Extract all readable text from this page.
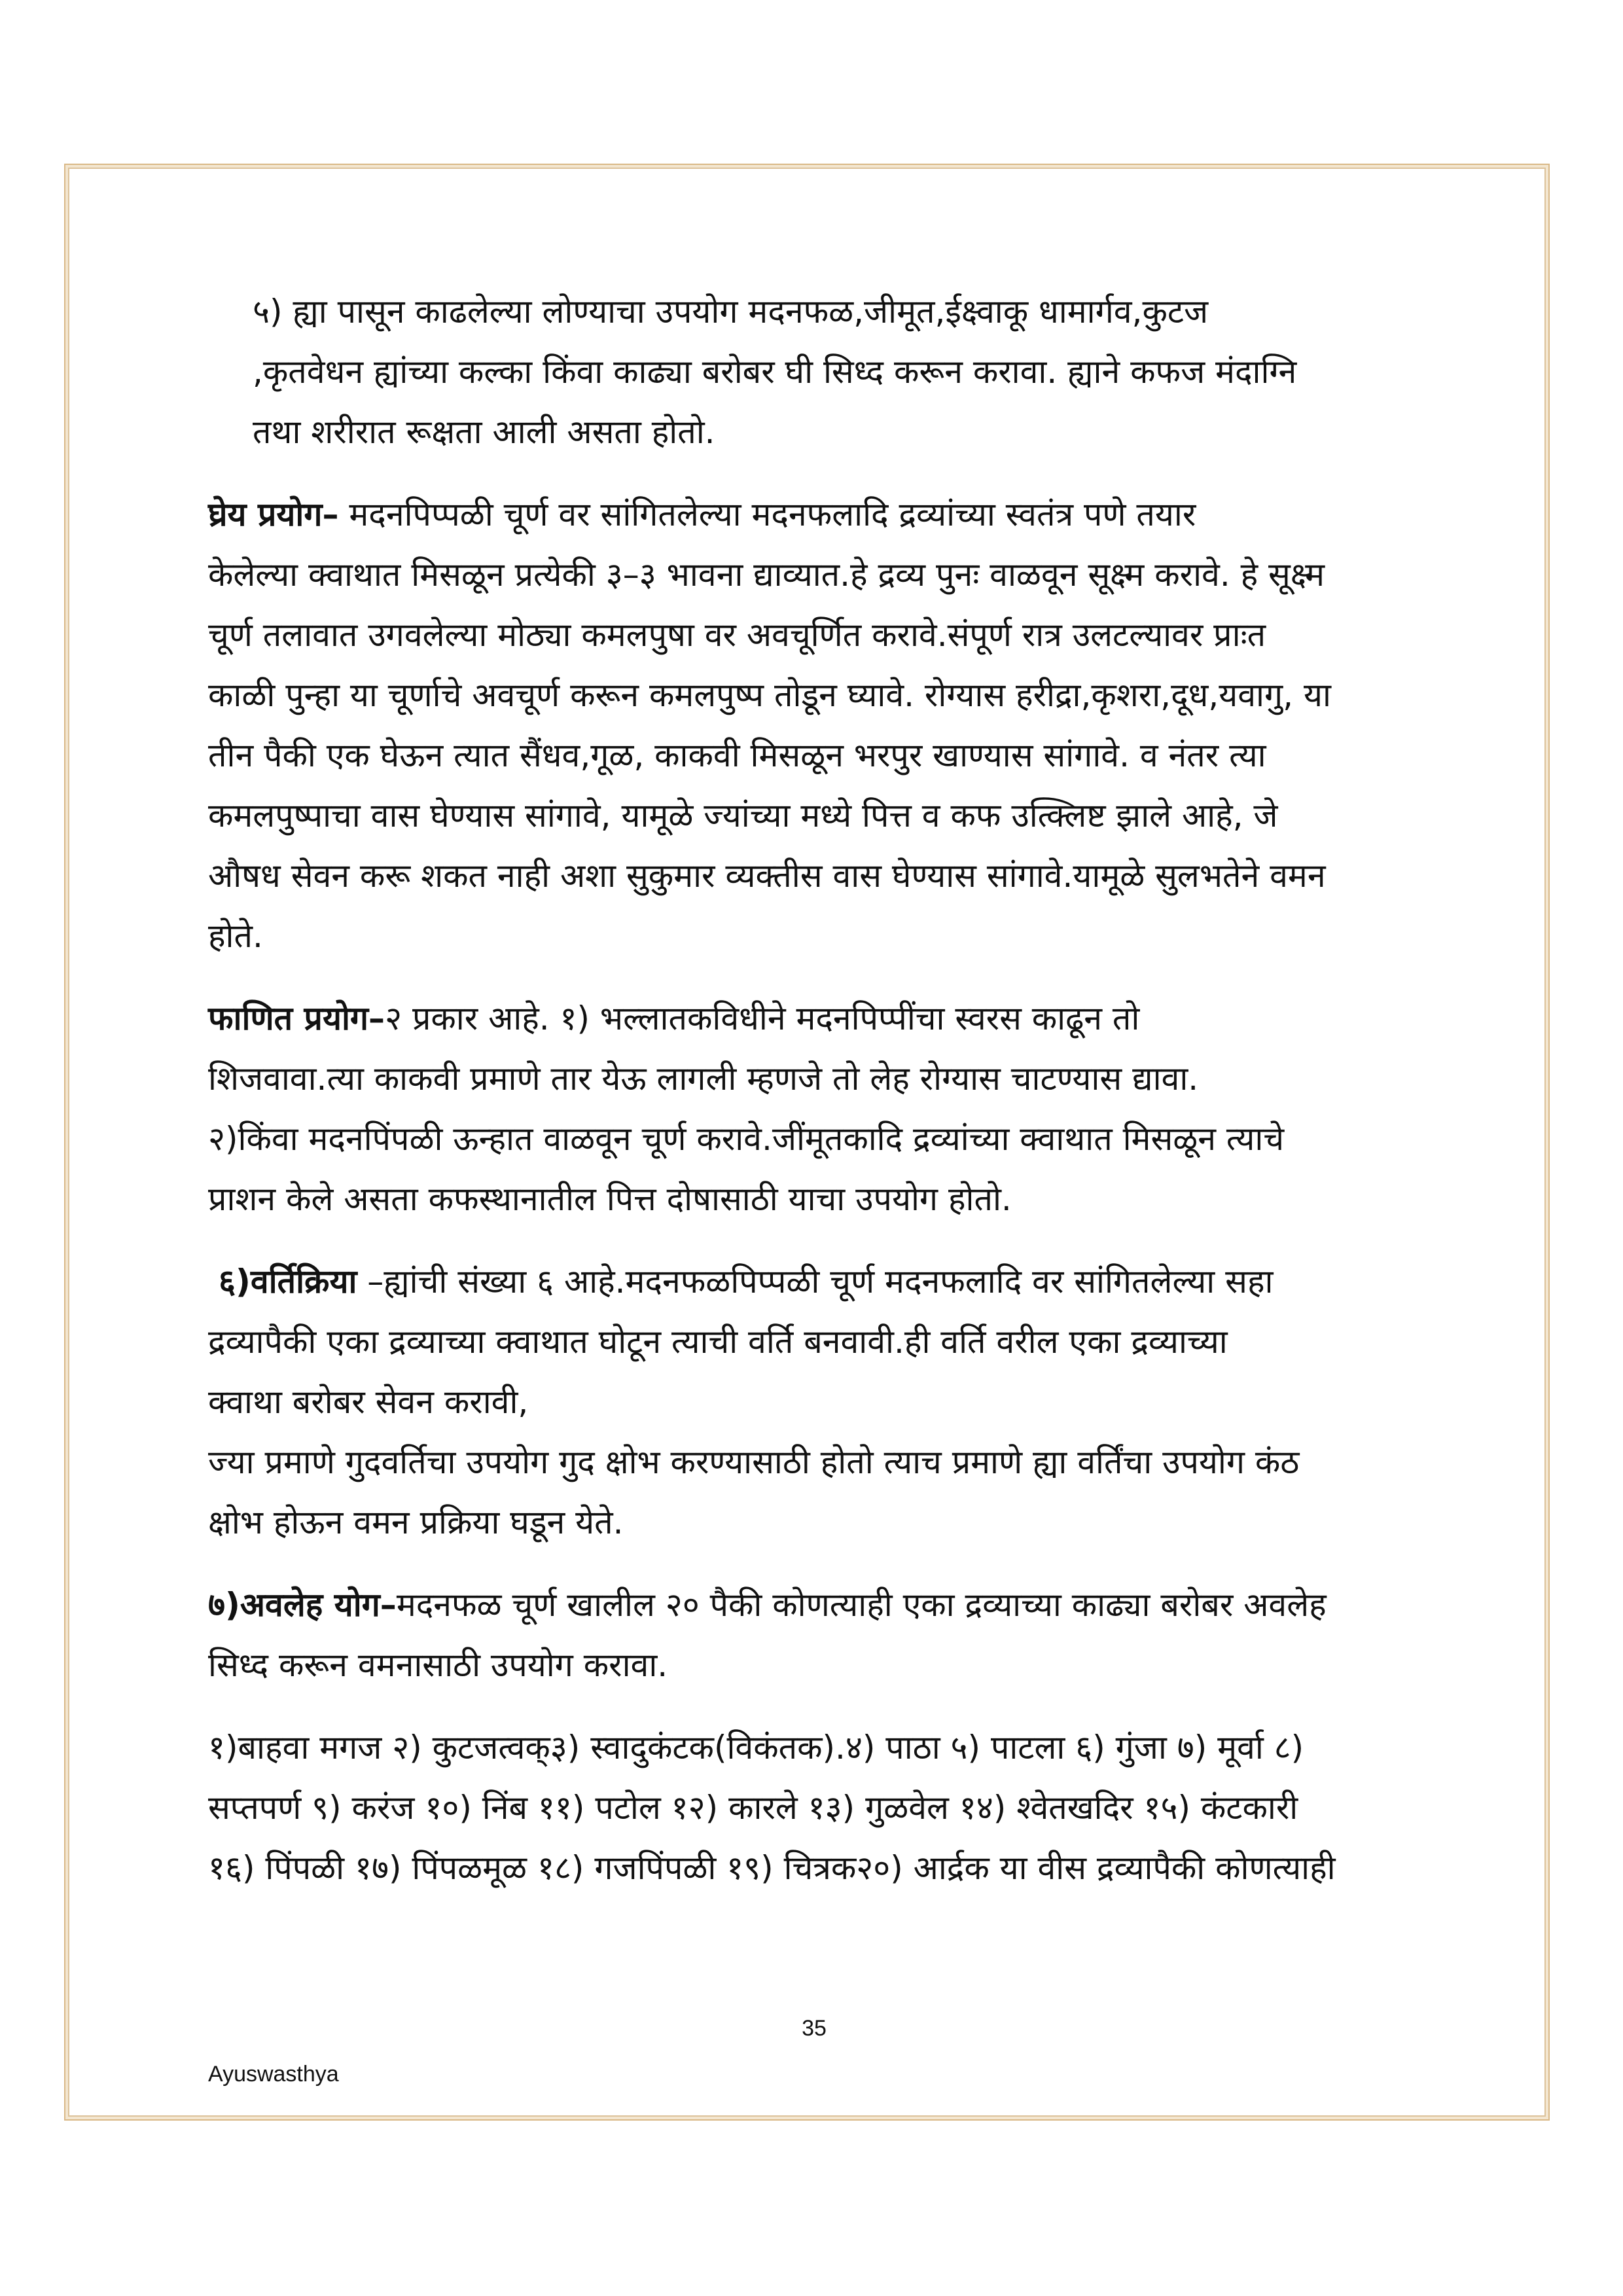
५) ह्या पासून काढलेल्या लोण्याचा उपयोग मदनफळ,जीमूत,ईक्ष्वाकू धामार्गव,कुटज
,कृतवेधन ह्यांच्या कल्का किंवा काढ्या बरोबर घी सिध्द करून करावा. ह्याने कफज मंदाग्नि
तथा शरीरात रूक्षता आली असता होतो.
घ्रेय प्रयोग– मदनपिप्पळी चूर्ण वर सांगितलेल्या मदनफलादि द्रव्यांच्या स्वतंत्र पणे तयार
केलेल्या क्वाथात मिसळून प्रत्येकी ३–३ भावना द्याव्यात.हे द्रव्य पुनः वाळवून सूक्ष्म करावे. हे सूक्ष्म
चूर्ण तलावात उगवलेल्या मोठ्या कमलपुषा वर अवचूर्णित करावे.संपूर्ण रात्र उलटल्यावर प्राःत
काळी पुन्हा या चूर्णाचे अवचूर्ण करून कमलपुष्प तोडून घ्यावे. रोग्यास हरीद्रा,कृशरा,दूध,यवागु, या
तीन पैकी एक घेऊन त्यात सैंधव,गूळ, काकवी मिसळून भरपुर खाण्यास सांगावे. व नंतर त्या
कमलपुष्पाचा वास घेण्यास सांगावे, यामूळे ज्यांच्या मध्ये पित्त व कफ उत्क्लिष्ट झाले आहे, जे
औषध सेवन करू शकत नाही अशा सुकुमार व्यक्तीस वास घेण्यास सांगावे.यामूळे सुलभतेने वमन
होते.
फाणित प्रयोग–२ प्रकार आहे. १) भल्लातकविधीने मदनपिप्पींचा स्वरस काढून तो
शिजवावा.त्या काकवी प्रमाणे तार येऊ लागली म्हणजे तो लेह रोग्यास चाटण्यास द्यावा.
२)किंवा मदनपिंपळी ऊन्हात वाळवून चूर्ण करावे.जींमूतकादि द्रव्यांच्या क्वाथात मिसळून त्याचे
प्राशन केले असता कफस्थानातील पित्त दोषासाठी याचा उपयोग होतो.
६)वर्तिक्रिया –ह्यांची संख्या ६ आहे.मदनफळपिप्पळी चूर्ण मदनफलादि वर सांगितलेल्या सहा
द्रव्यापैकी एका द्रव्याच्या क्वाथात घोटून त्याची वर्ति बनवावी.ही वर्ति वरील एका द्रव्याच्या
क्वाथा बरोबर सेवन करावी,
ज्या प्रमाणे गुदवर्तिचा उपयोग गुद क्षोभ करण्यासाठी होतो त्याच प्रमाणे ह्या वर्तिंचा उपयोग कंठ
क्षोभ होऊन वमन प्रक्रिया घडून येते.
७)अवलेह योग–मदनफळ चूर्ण खालील २० पैकी कोणत्याही एका द्रव्याच्या काढ्या बरोबर अवलेह
सिध्द करून वमनासाठी उपयोग करावा.
१)बाहवा मगज २) कुटजत्वक्३) स्वादुकंटक(विकंतक).४) पाठा ५) पाटला ६) गुंजा ७) मूर्वा ८)
सप्तपर्ण ९) करंज १०) निंब ११) पटोल १२) कारले १३) गुळवेल १४) श्वेतखदिर १५) कंटकारी
१६) पिंपळी १७) पिंपळमूळ १८) गजपिंपळी १९) चित्रक२०) आर्द्रक या वीस द्रव्यापैकी कोणत्याही
35
Ayuswasthya
